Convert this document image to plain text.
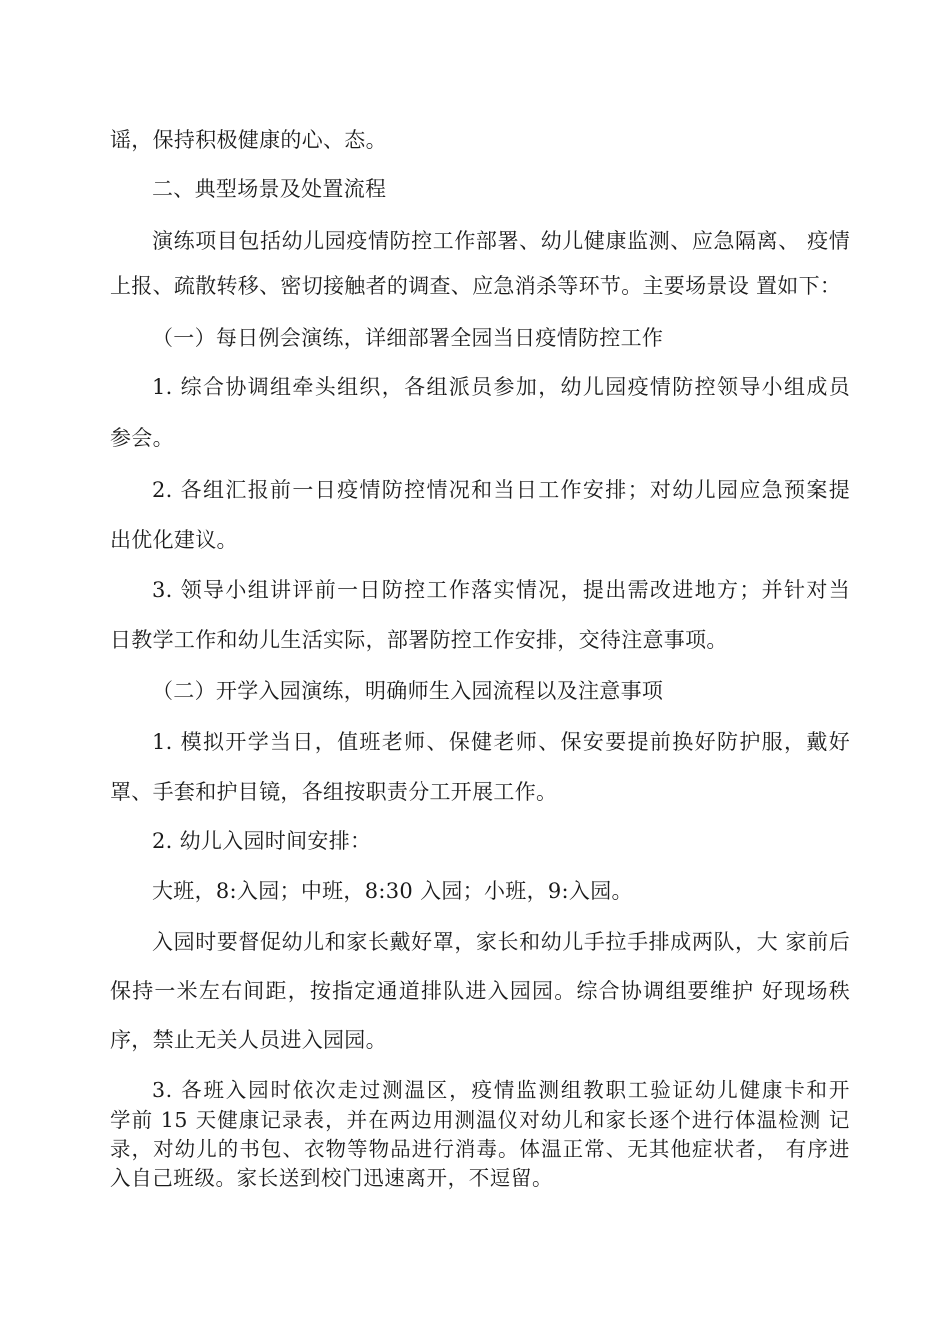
谣，保持积极健康的心、态。
二、典型场景及处置流程
演练项目包括幼儿园疫情防控工作部署、幼儿健康监测、应急隔离、 疫情
上报、疏散转移、密切接触者的调查、应急消杀等环节。主要场景设 置如下：
（一）每日例会演练，详细部署全园当日疫情防控工作
1. 综合协调组牵头组织，各组派员参加，幼儿园疫情防控领导小组成员
参会。
2. 各组汇报前一日疫情防控情况和当日工作安排；对幼儿园应急预案提
出优化建议。
3. 领导小组讲评前一日防控工作落实情况，提出需改进地方；并针对当
日教学工作和幼儿生活实际，部署防控工作安排，交待注意事项。
（二）开学入园演练，明确师生入园流程以及注意事项
1. 模拟开学当日，值班老师、保健老师、保安要提前换好防护服，戴好
罩、手套和护目镜，各组按职责分工开展工作。
2. 幼儿入园时间安排：
大班，8:入园；中班，8:30 入园；小班，9:入园。
入园时要督促幼儿和家长戴好罩，家长和幼儿手拉手排成两队，大 家前后
保持一米左右间距，按指定通道排队进入园园。综合协调组要维护 好现场秩
序，禁止无关人员进入园园。
3. 各班入园时依次走过测温区，疫情监测组教职工验证幼儿健康卡和开
学前 15 天健康记录表，并在两边用测温仪对幼儿和家长逐个进行体温检测 记
录，对幼儿的书包、衣物等物品进行消毒。体温正常、无其他症状者， 有序进
入自己班级。家长送到校门迅速离开，不逗留。
